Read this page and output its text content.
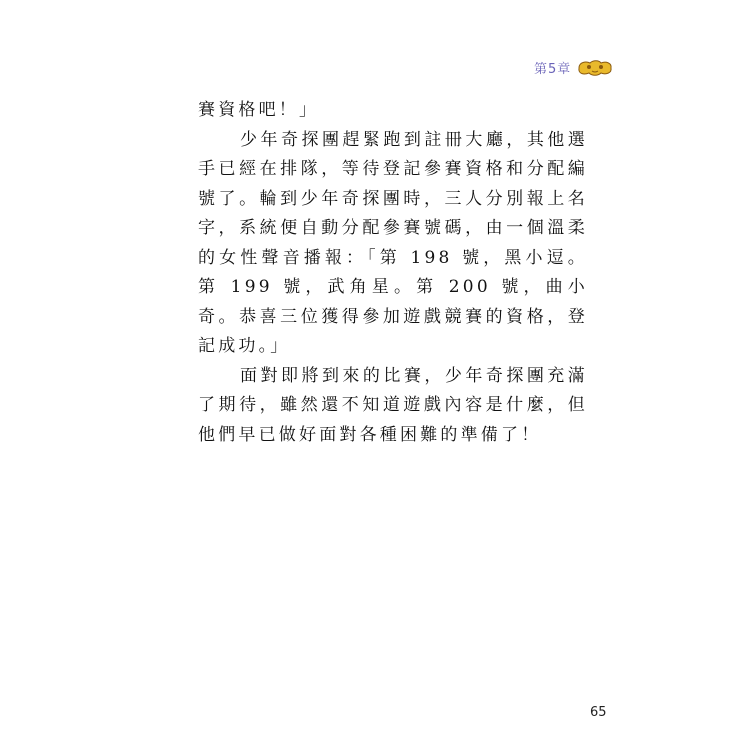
第5章

賽資格吧！」

少年奇探團趕緊跑到註冊大廳，其他選手已經在排隊，等待登記參賽資格和分配編號了。輪到少年奇探團時，三人分別報上名字，系統便自動分配參賽號碼，由一個溫柔的女性聲音播報：「第 198 號，黑小逗。第 199 號，武角星。第 200 號，曲小奇。恭喜三位獲得參加遊戲競賽的資格，登記成功。」

面對即將到來的比賽，少年奇探團充滿了期待，雖然還不知道遊戲內容是什麼，但他們早已做好面對各種困難的準備了！

65
